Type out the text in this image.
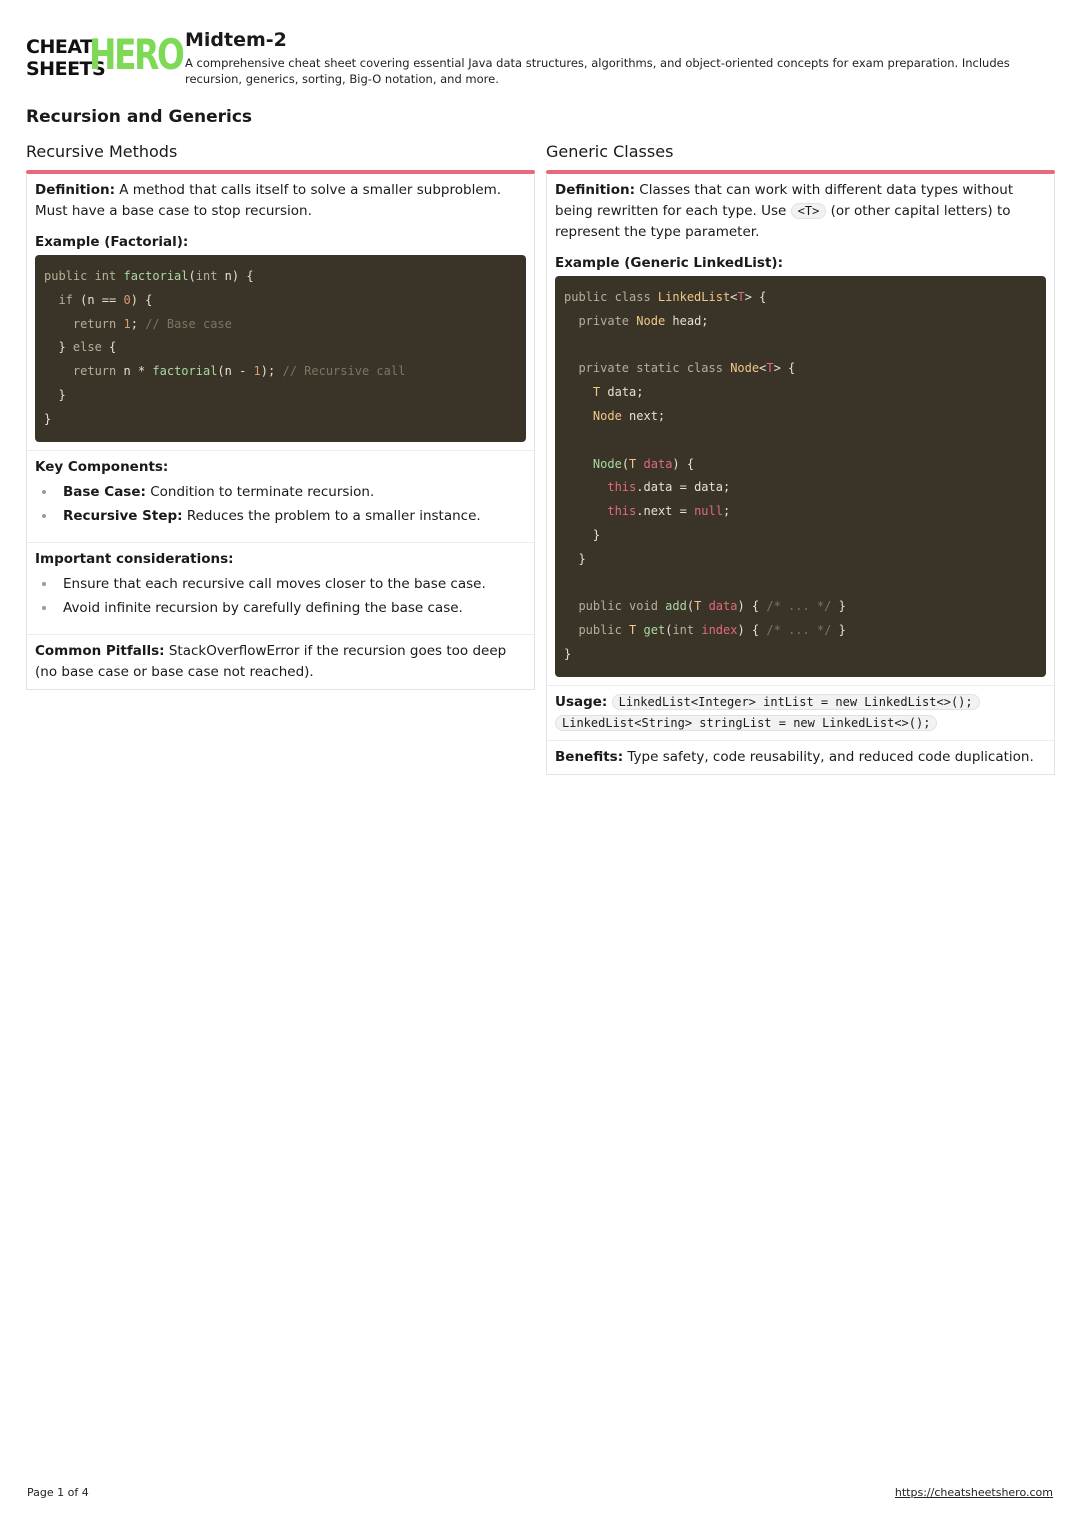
CHEAT
SHEETS
HERO Midtem-2
A comprehensive cheat sheet covering essential Java data structures, algorithms, and object-oriented concepts for exam preparation. Includes recursion, generics, sorting, Big-O notation, and more.
Recursion and Generics
Recursive Methods
Definition: A method that calls itself to solve a smaller subproblem. Must have a base case to stop recursion.
Example (Factorial):
public int factorial(int n) {
if (n == 0) {
return 1; // Base case
} else {
return n * factorial(n - 1); // Recursive call
}
}
Key Components:
Base Case: Condition to terminate recursion.
Recursive Step: Reduces the problem to a smaller instance.
Important considerations:
Ensure that each recursive call moves closer to the base case.
Avoid infinite recursion by carefully defining the base case.
Common Pitfalls: StackOverflowError if the recursion goes too deep (no base case or base case not reached).
Generic Classes
Definition: Classes that can work with different data types without being rewritten for each type. Use <T> (or other capital letters) to represent the type parameter.
Example (Generic LinkedList):
public class LinkedList<T> {
private Node head;

private static class Node<T> {
T data;
Node next;

Node(T data) {
this.data = data;
this.next = null;
}
}

public void add(T data) { /* ... */ }
public T get(int index) { /* ... */ }
}
Usage: LinkedList<Integer> intList = new LinkedList<>(); LinkedList<String> stringList = new LinkedList<>();
Benefits: Type safety, code reusability, and reduced code duplication.
Page 1 of 4	https://cheatsheetshero.com
